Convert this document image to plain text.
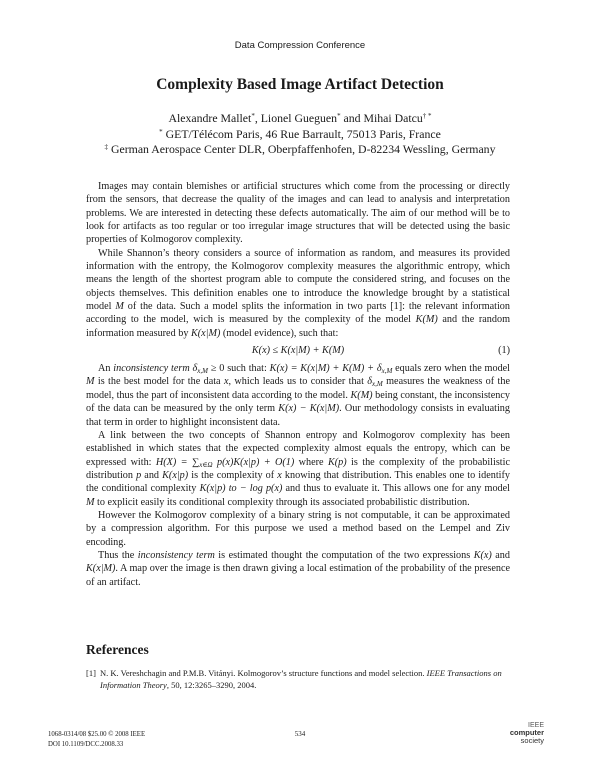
Data Compression Conference
Complexity Based Image Artifact Detection
Alexandre Mallet*, Lionel Gueguen* and Mihai Datcu† *
* GET/Télécom Paris, 46 Rue Barrault, 75013 Paris, France
‡ German Aerospace Center DLR, Oberpfaffenhofen, D-82234 Wessling, Germany

Images may contain blemishes or artificial structures which come from the processing or directly from the sensors, that decrease the quality of the images and can lead to analysis and interpretation problems. We are interested in detecting these defects automatically. The aim of our method will be to look for artifacts as too regular or too irregular image structures that will be detected using the basic properties of Kolmogorov complexity.

While Shannon’s theory considers a source of information as random, and measures its provided information with the entropy, the Kolmogorov complexity measures the algorithmic entropy, which means the length of the shortest program able to compute the considered string, and focuses on the objects themselves. This definition enables one to introduce the knowledge brought by a statistical model M of the data. Such a model splits the information in two parts [1]: the relevant information according to the model, wich is measured by the complexity of the model K(M) and the random information measured by K(x|M) (model evidence), such that:

K(x) ≤ K(x|M) + K(M)	(1)

An inconsistency term $\delta_{x,M} \ge 0$ such that: $K(x) = K(x|M) + K(M) + \delta_{x,M}$ equals zero when the model M is the best model for the data x, which leads us to consider that $\delta_{x,M}$ measures the weakness of the model, thus the part of inconsistent data according to the model. K(M) being constant, the inconsistency of the data can be measured by the only term K(x) − K(x|M). Our methodology consists in evaluating that term in order to highlight inconsistent data.

A link between the two concepts of Shannon entropy and Kolmogorov complexity has been established in which states that the expected complexity almost equals the entropy, which can be expressed with: $H(X) = \sum_{x\in\Omega}$ p(x)K(x|p) + O(1) where K(p) is the complexity of the probabilistic distribution p and K(x|p) is the complexity of x knowing that distribution. This enables one to identify the conditional complexity K(x|p) to − log p(x) and thus to evaluate it. This allows one for any model M to explicit easily its conditional complexity through its associated probabilistic distribution.

However the Kolmogorov complexity of a binary string is not computable, it can be approximated by a compression algorithm. For this purpose we used a method based on the Lempel and Ziv encoding.

Thus the inconsistency term is estimated thought the computation of the two expressions K(x) and K(x|M). A map over the image is then drawn giving a local estimation of the probability of the presence of an artifact.

References
[1] N. K. Vereshchagin and P.M.B. Vitányi. Kolmogorov’s structure functions and model selection. IEEE Transactions on Information Theory, 50, 12:3265–3290, 2004.
1068-0314/08 $25.00 © 2008 IEEE
DOI 10.1109/DCC.2008.33
534
IEEE
computer
society
